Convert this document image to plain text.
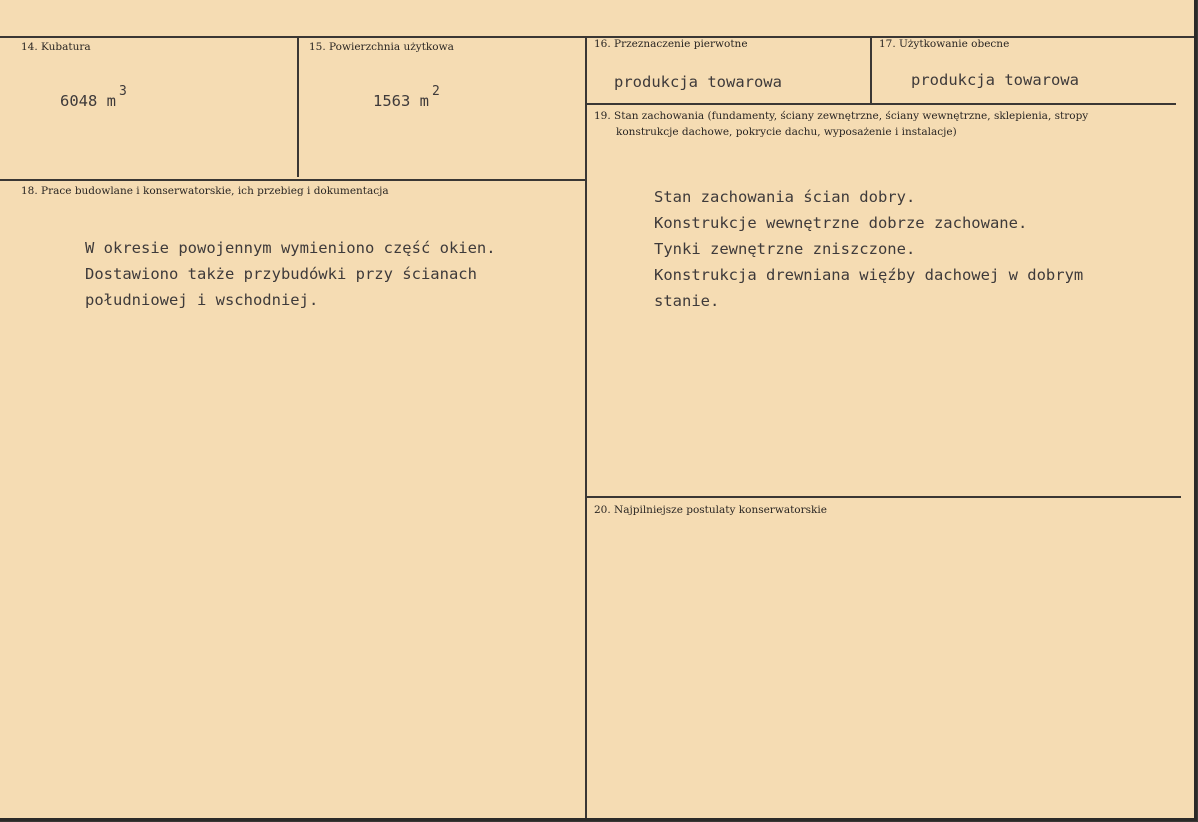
14. Kubatura
6048 $m^3$
15. Powierzchnia użytkowa
1563 $m^2$
16. Przeznaczenie pierwotne
produkcja towarowa
17. Użytkowanie obecne
produkcja towarowa
18. Prace budowlane i konserwatorskie, ich przebieg i dokumentacja
W okresie powojennym wymieniono część okien.
Dostawiono także przybudówki przy ścianach
południowej i wschodniej.
19. Stan zachowania (fundamenty, ściany zewnętrzne, ściany wewnętrzne, sklepienia, stropy
konstrukcje dachowe, pokrycie dachu, wyposażenie i instalacje)
Stan zachowania ścian dobry.
Konstrukcje wewnętrzne dobrze zachowane.
Tynki zewnętrzne zniszczone.
Konstrukcja drewniana więźby dachowej w dobrym
stanie.
20. Najpilniejsze postulaty konserwatorskie
